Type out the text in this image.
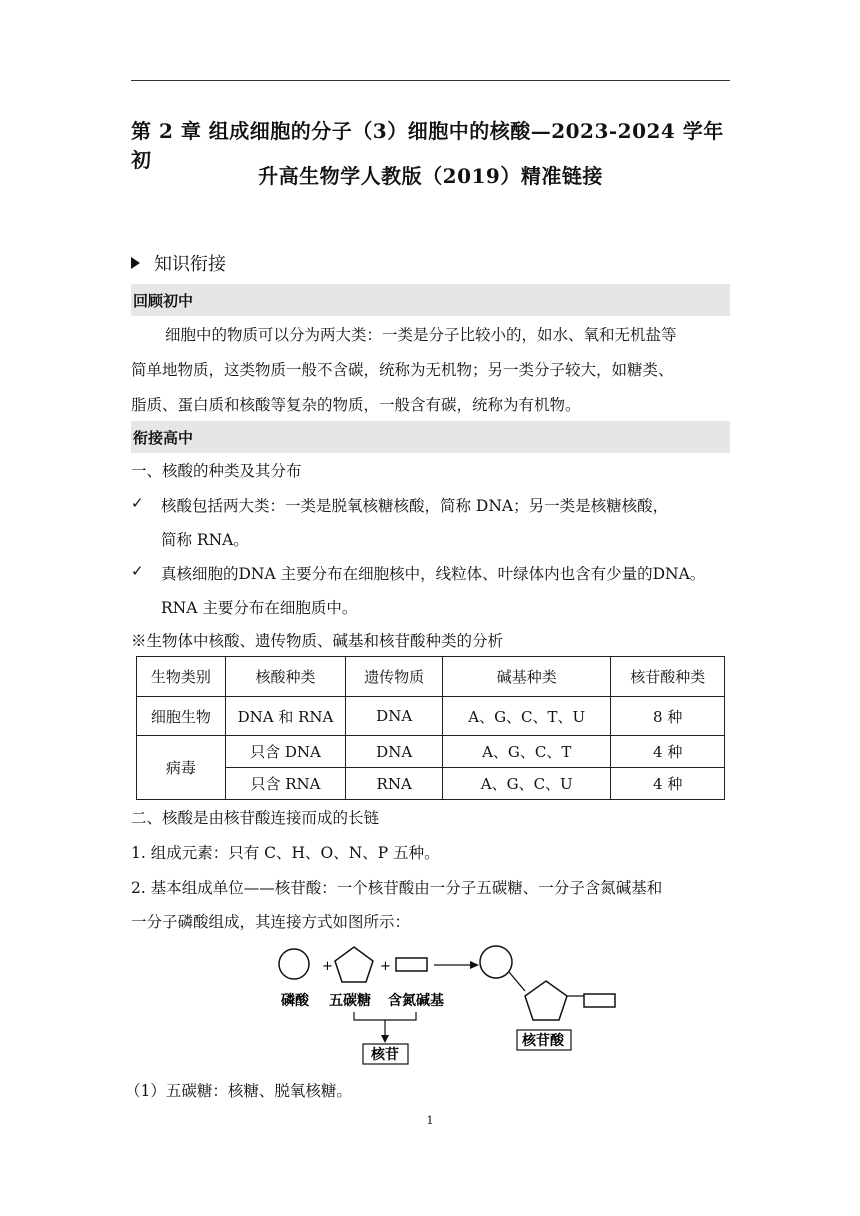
第 2 章 组成细胞的分子（3）细胞中的核酸—2023-2024 学年初
升高生物学人教版（2019）精准链接
知识衔接
回顾初中
细胞中的物质可以分为两大类：一类是分子比较小的，如水、氧和无机盐等
简单地物质，这类物质一般不含碳，统称为无机物；另一类分子较大，如糖类、
脂质、蛋白质和核酸等复杂的物质，一般含有碳，统称为有机物。
衔接高中
一、核酸的种类及其分布
✓ 核酸包括两大类：一类是脱氧核糖核酸，简称 DNA；另一类是核糖核酸，
简称 RNA。
✓ 真核细胞的DNA 主要分布在细胞核中，线粒体、叶绿体内也含有少量的DNA。
RNA 主要分布在细胞质中。
※生物体中核酸、遗传物质、碱基和核苷酸种类的分析
生物类别	核酸种类	遗传物质	碱基种类	核苷酸种类
细胞生物	DNA 和 RNA	DNA	A、G、C、T、U	8 种
病毒	只含 DNA	DNA	A、G、C、T	4 种
	只含 RNA	RNA	A、G、C、U	4 种
二、核酸是由核苷酸连接而成的长链
1. 组成元素：只有 C、H、O、N、P 五种。
2. 基本组成单位——核苷酸：一个核苷酸由一分子五碳糖、一分子含氮碱基和
一分子磷酸组成，其连接方式如图所示：
+	+
磷酸 五碳糖 含氮碱基
核苷
核苷酸
（1）五碳糖：核糖、脱氧核糖。
1
